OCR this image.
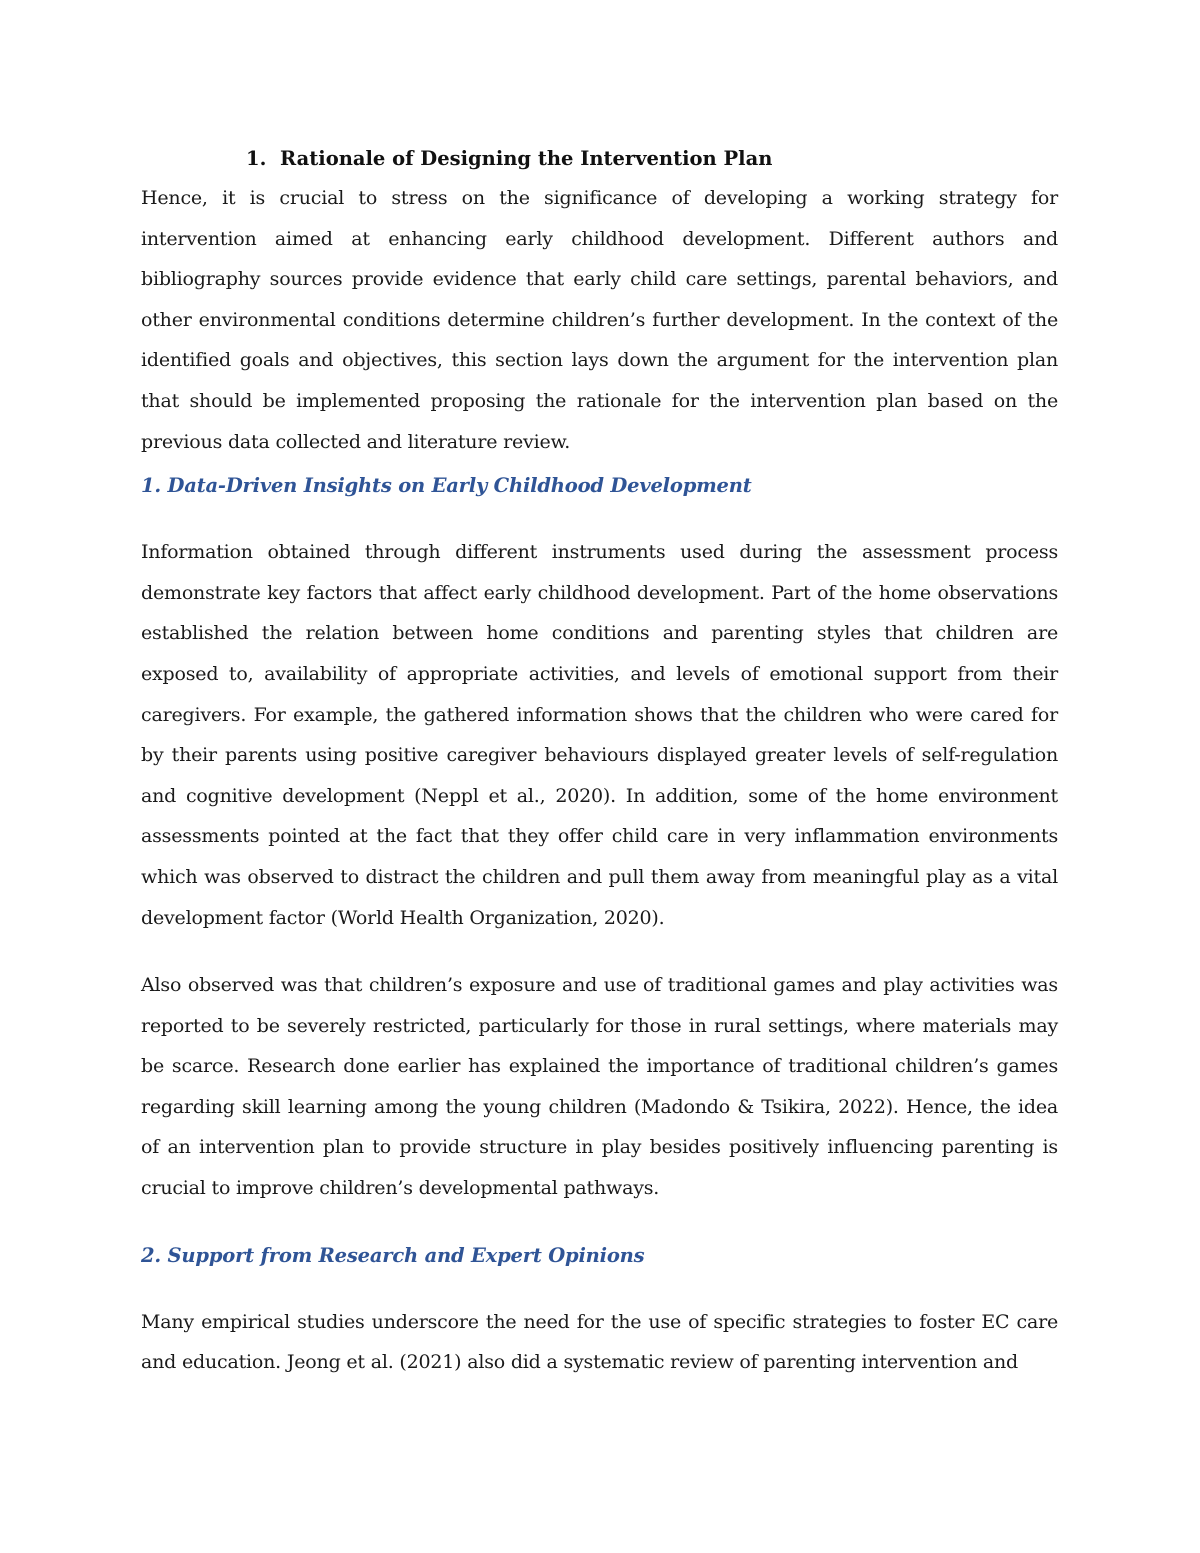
1. Rationale of Designing the Intervention Plan

Hence, it is crucial to stress on the significance of developing a working strategy for intervention aimed at enhancing early childhood development. Different authors and bibliography sources provide evidence that early child care settings, parental behaviors, and other environmental conditions determine children’s further development. In the context of the identified goals and objectives, this section lays down the argument for the intervention plan that should be implemented proposing the rationale for the intervention plan based on the previous data collected and literature review.

1. Data-Driven Insights on Early Childhood Development

Information obtained through different instruments used during the assessment process demonstrate key factors that affect early childhood development. Part of the home observations established the relation between home conditions and parenting styles that children are exposed to, availability of appropriate activities, and levels of emotional support from their caregivers. For example, the gathered information shows that the children who were cared for by their parents using positive caregiver behaviours displayed greater levels of self-regulation and cognitive development (Neppl et al., 2020). In addition, some of the home environment assessments pointed at the fact that they offer child care in very inflammation environments which was observed to distract the children and pull them away from meaningful play as a vital development factor (World Health Organization, 2020).

Also observed was that children’s exposure and use of traditional games and play activities was reported to be severely restricted, particularly for those in rural settings, where materials may be scarce. Research done earlier has explained the importance of traditional children’s games regarding skill learning among the young children (Madondo & Tsikira, 2022). Hence, the idea of an intervention plan to provide structure in play besides positively influencing parenting is crucial to improve children’s developmental pathways.

2. Support from Research and Expert Opinions

Many empirical studies underscore the need for the use of specific strategies to foster EC care and education. Jeong et al. (2021) also did a systematic review of parenting intervention and
